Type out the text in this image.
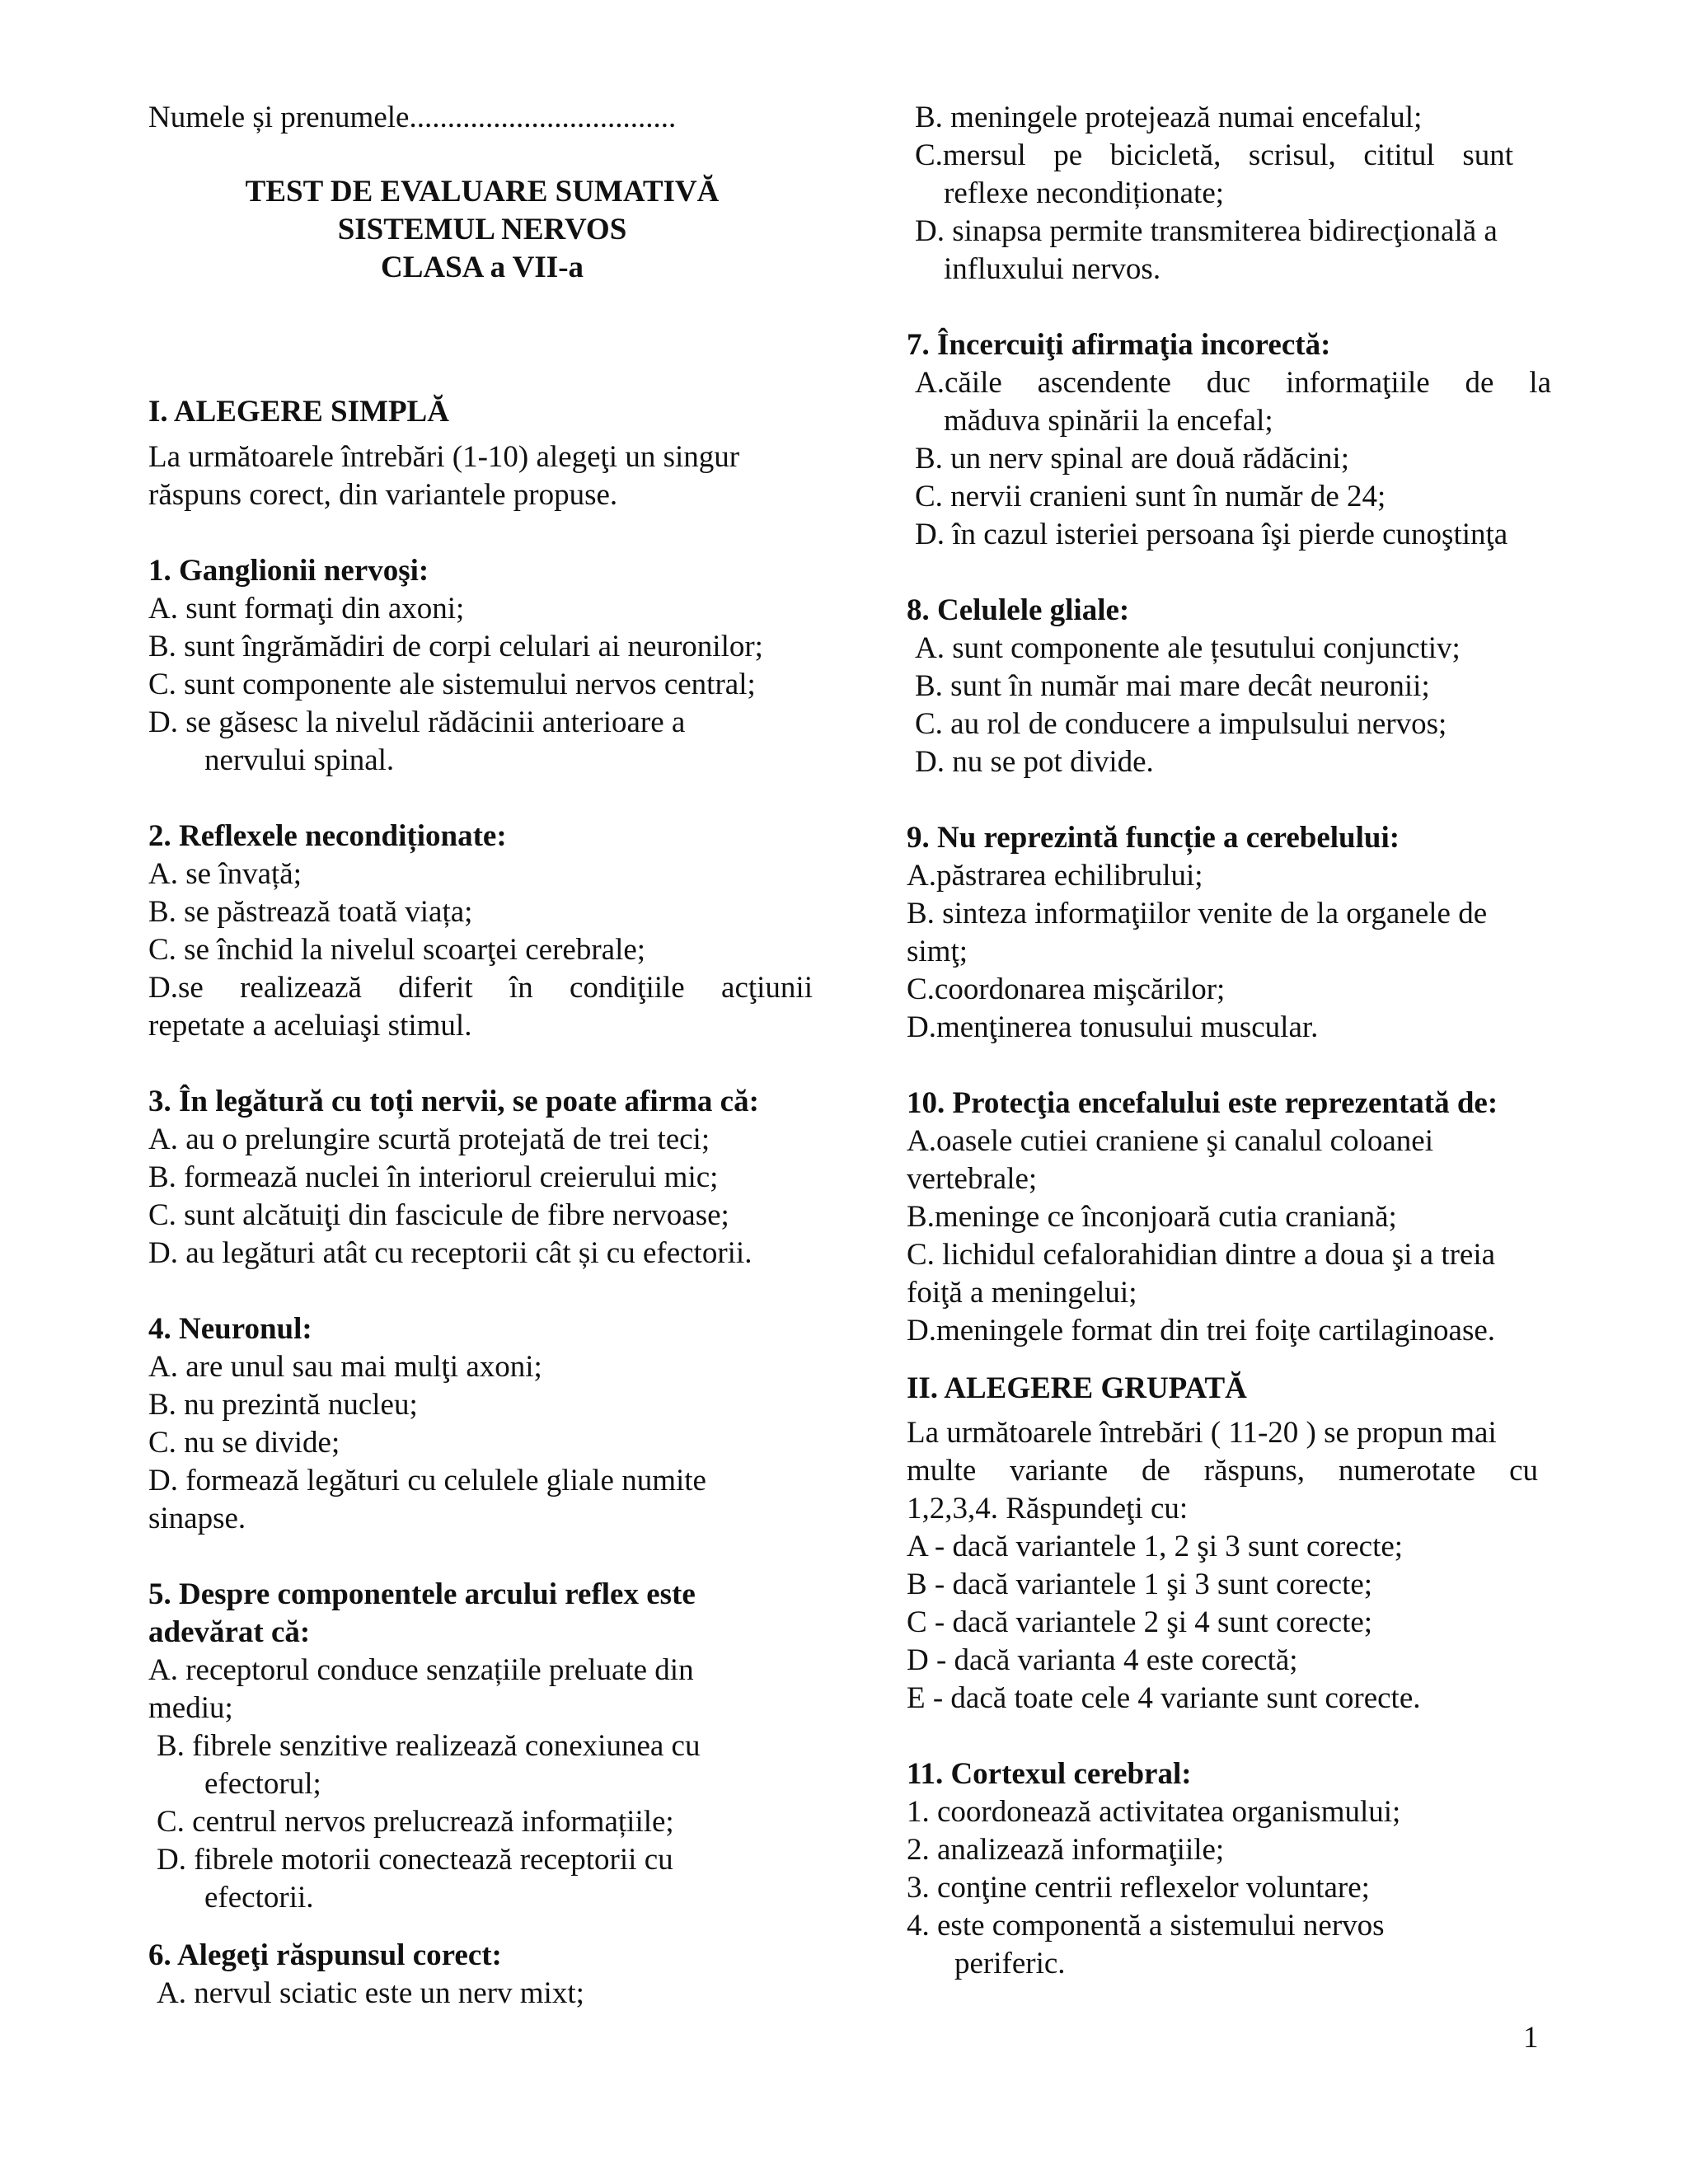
Numele și prenumele...................................
TEST DE EVALUARE SUMATIVĂ
SISTEMUL NERVOS
CLASA a VII-a
I. ALEGERE SIMPLĂ
La următoarele întrebări (1-10) alegeţi un singur
răspuns corect, din variantele propuse.
1. Ganglionii nervoşi:
A. sunt formaţi din axoni;
B. sunt îngrămădiri de corpi celulari ai neuronilor;
C. sunt componente ale sistemului nervos central;
D. se găsesc la nivelul rădăcinii anterioare a
nervului spinal.
2. Reflexele necondiționate:
A. se învață;
B. se păstrează toată viața;
C. se închid la nivelul scoarţei cerebrale;
D.se realizează diferit în condiţiile acţiunii
repetate a aceluiaşi stimul.
3. În legătură cu toți nervii, se poate afirma că:
A. au o prelungire scurtă protejată de trei teci;
B. formează nuclei în interiorul creierului mic;
C. sunt alcătuiţi din fascicule de fibre nervoase;
D. au legături atât cu receptorii cât și cu efectorii.
4. Neuronul:
A. are unul sau mai mulţi axoni;
B. nu prezintă nucleu;
C. nu se divide;
D. formează legături cu celulele gliale numite
sinapse.
5. Despre componentele arcului reflex este
adevărat că:
A. receptorul conduce senzațiile preluate din
mediu;
B. fibrele senzitive realizează conexiunea cu
efectorul;
C. centrul nervos prelucrează informațiile;
D. fibrele motorii conectează receptorii cu
efectorii.
6. Alegeţi răspunsul corect:
A. nervul sciatic este un nerv mixt;
B. meningele protejează numai encefalul;
C.mersul pe bicicletă, scrisul, cititul sunt
reflexe necondiționate;
D. sinapsa permite transmiterea bidirecţională a
influxului nervos.
7. Încercuiţi afirmaţia incorectă:
A.căile ascendente duc informaţiile de la
măduva spinării la encefal;
B. un nerv spinal are două rădăcini;
C. nervii cranieni sunt în număr de 24;
D. în cazul isteriei persoana îşi pierde cunoştinţa
8. Celulele gliale:
A. sunt componente ale țesutului conjunctiv;
B. sunt în număr mai mare decât neuronii;
C. au rol de conducere a impulsului nervos;
D. nu se pot divide.
9. Nu reprezintă funcție a cerebelului:
A.păstrarea echilibrului;
B. sinteza informaţiilor venite de la organele de
simţ;
C.coordonarea mişcărilor;
D.menţinerea tonusului muscular.
10. Protecţia encefalului este reprezentată de:
A.oasele cutiei craniene şi canalul coloanei
vertebrale;
B.meninge ce înconjoară cutia craniană;
C. lichidul cefalorahidian dintre a doua şi a treia
foiţă a meningelui;
D.meningele format din trei foiţe cartilaginoase.
II. ALEGERE GRUPATĂ
La următoarele întrebări ( 11-20 ) se propun mai
multe variante de răspuns, numerotate cu
1,2,3,4. Răspundeţi cu:
A - dacă variantele 1, 2 şi 3 sunt corecte;
B - dacă variantele 1 şi 3 sunt corecte;
C - dacă variantele 2 şi 4 sunt corecte;
D - dacă varianta 4 este corectă;
E - dacă toate cele 4 variante sunt corecte.
11. Cortexul cerebral:
1. coordonează activitatea organismului;
2. analizează informaţiile;
3. conţine centrii reflexelor voluntare;
4. este componentă a sistemului nervos
periferic.
1
